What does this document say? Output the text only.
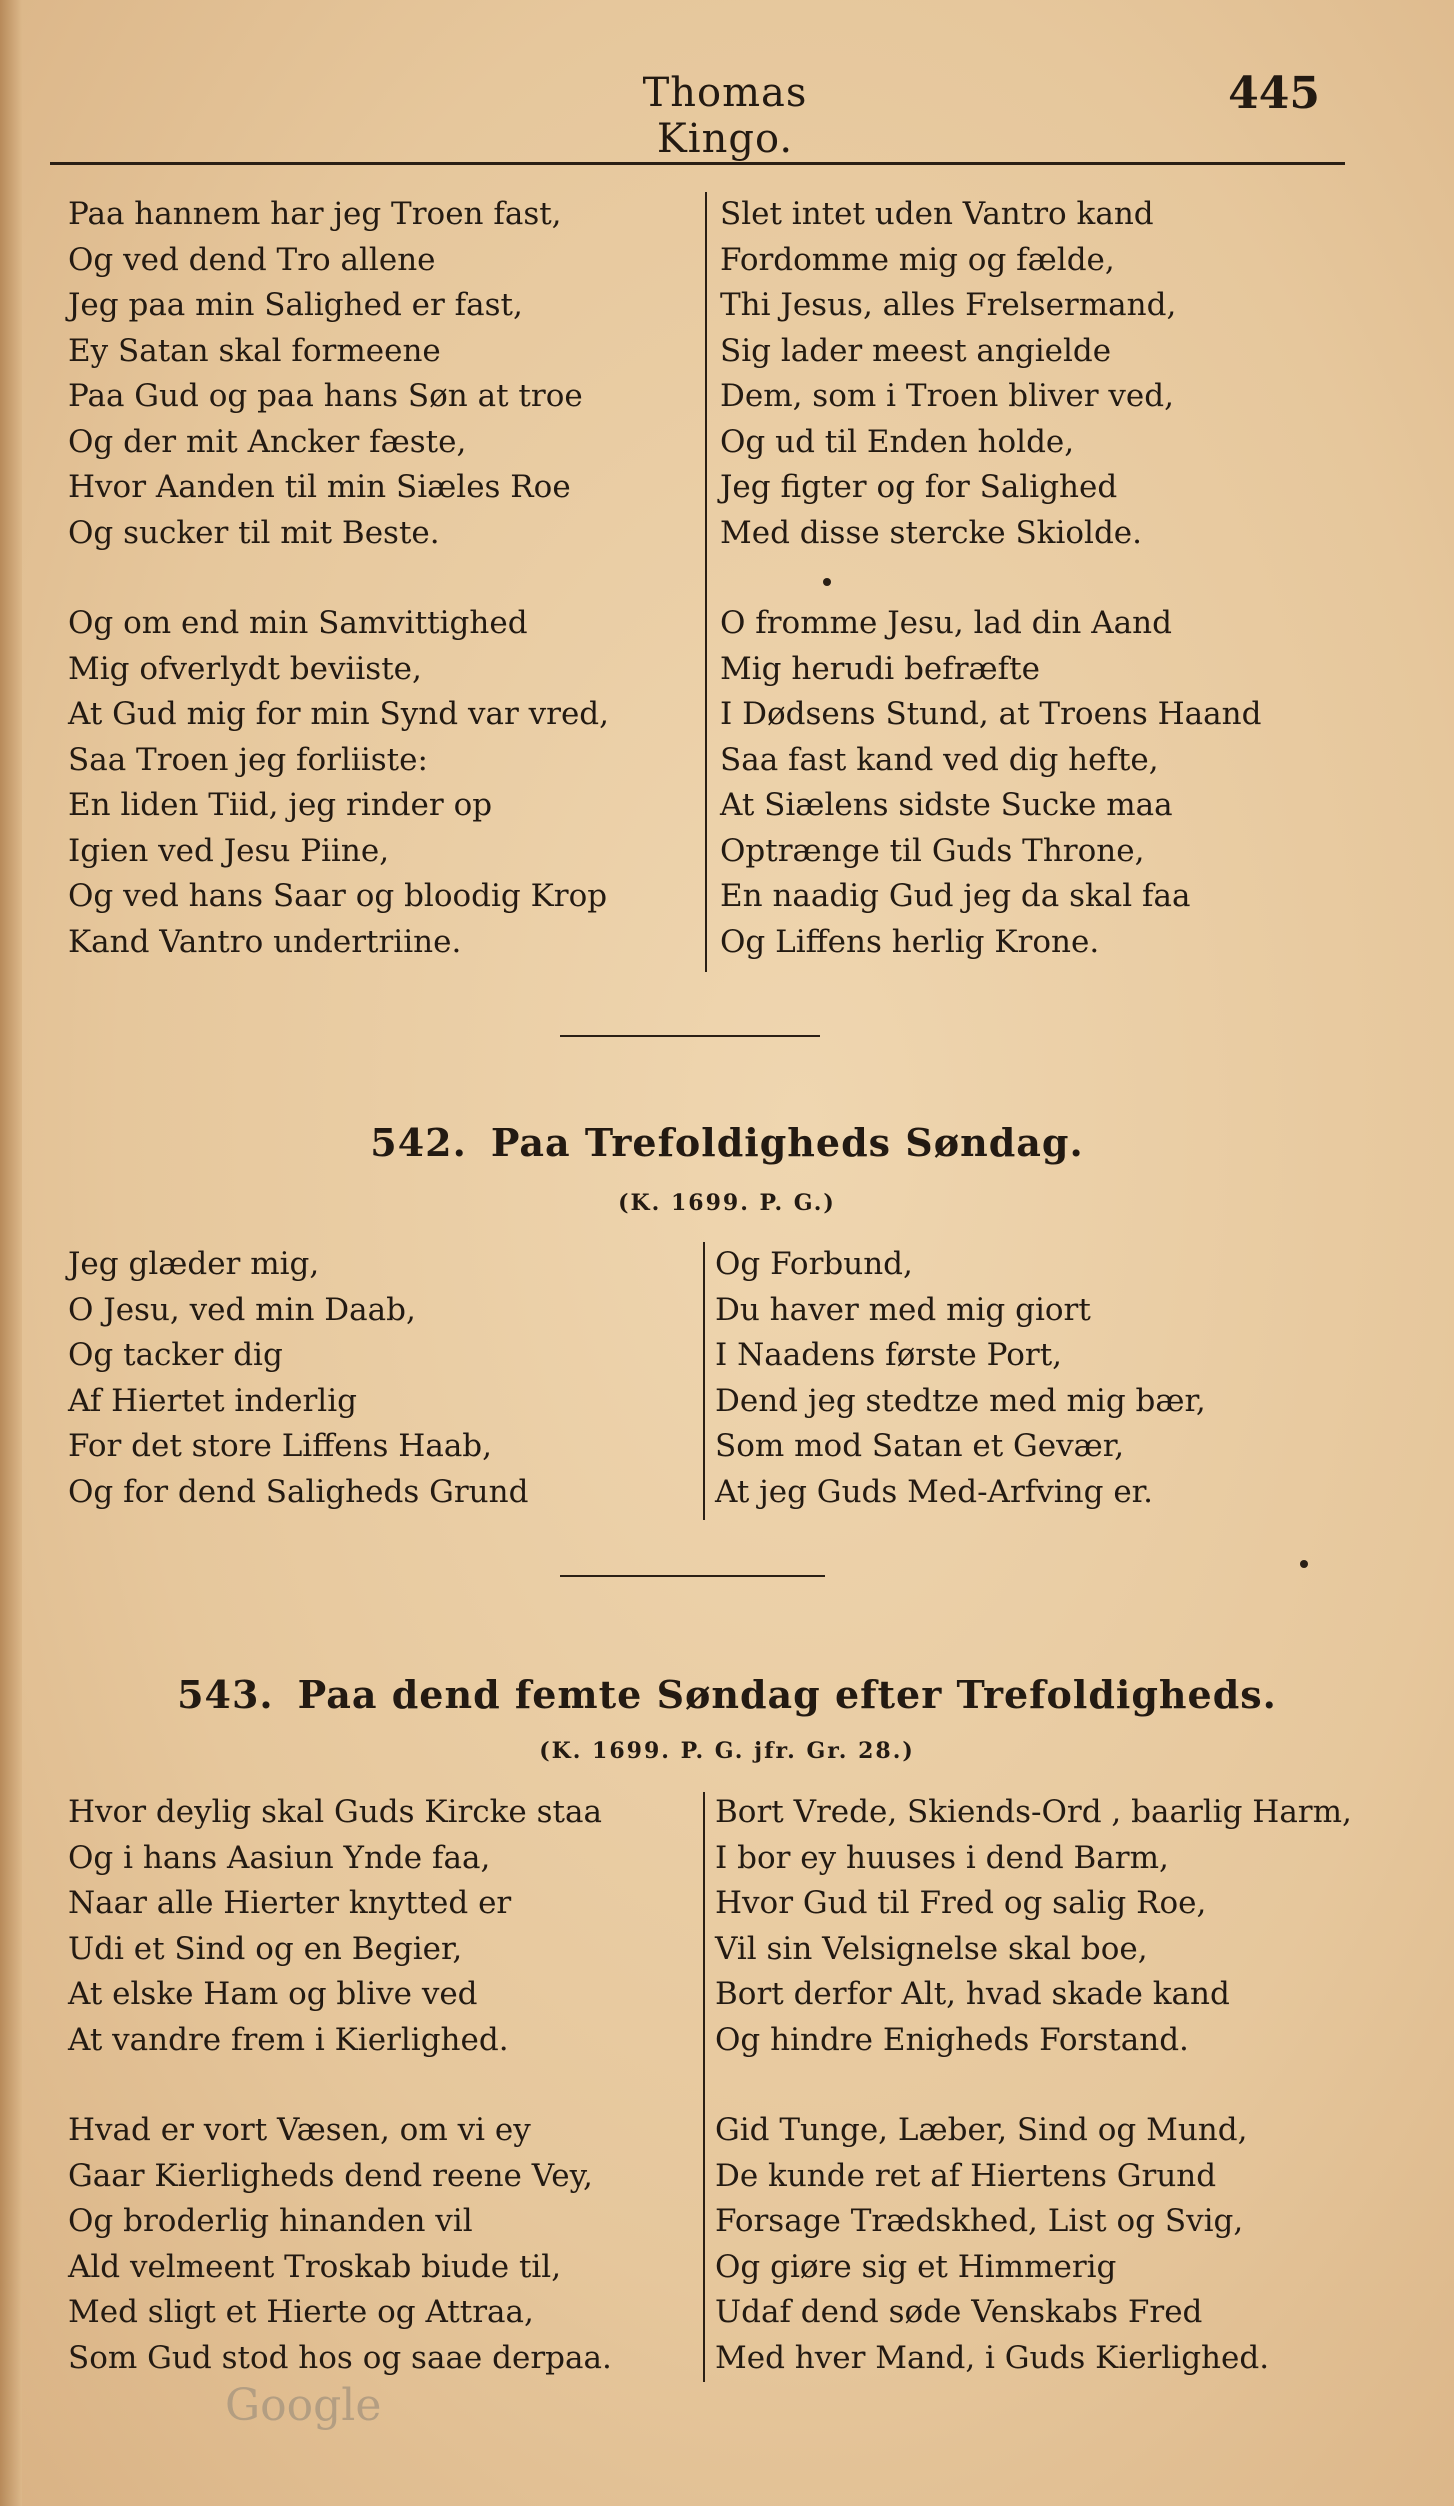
Thomas Kingo.
445
Paa hannem har jeg Troen fast,
Og ved dend Tro allene
Jeg paa min Salighed er fast,
Ey Satan skal formeene
Paa Gud og paa hans Søn at troe
Og der mit Ancker fæste,
Hvor Aanden til min Siæles Roe
Og sucker til mit Beste.
Og om end min Samvittighed
Mig ofverlydt beviiste,
At Gud mig for min Synd var vred,
Saa Troen jeg forliiste:
En liden Tiid, jeg rinder op
Igien ved Jesu Piine,
Og ved hans Saar og bloodig Krop
Kand Vantro undertriine.
Slet intet uden Vantro kand
Fordomme mig og fælde,
Thi Jesus, alles Frelsermand,
Sig lader meest angielde
Dem, som i Troen bliver ved,
Og ud til Enden holde,
Jeg figter og for Salighed
Med disse stercke Skiolde.
O fromme Jesu, lad din Aand
Mig herudi befræfte
I Dødsens Stund, at Troens Haand
Saa fast kand ved dig hefte,
At Siælens sidste Sucke maa
Optrænge til Guds Throne,
En naadig Gud jeg da skal faa
Og Liffens herlig Krone.
542. Paa Trefoldigheds Søndag.
(K. 1699. P. G.)
Jeg glæder mig,
O Jesu, ved min Daab,
Og tacker dig
Af Hiertet inderlig
For det store Liffens Haab,
Og for dend Saligheds Grund
Og Forbund,
Du haver med mig giort
I Naadens første Port,
Dend jeg stedtze med mig bær,
Som mod Satan et Gevær,
At jeg Guds Med-Arfving er.
543. Paa dend femte Søndag efter Trefoldigheds.
(K. 1699. P. G. jfr. Gr. 28.)
Hvor deylig skal Guds Kircke staa
Og i hans Aasiun Ynde faa,
Naar alle Hierter knytted er
Udi et Sind og en Begier,
At elske Ham og blive ved
At vandre frem i Kierlighed.
Hvad er vort Væsen, om vi ey
Gaar Kierligheds dend reene Vey,
Og broderlig hinanden vil
Ald velmeent Troskab biude til,
Med sligt et Hierte og Attraa,
Som Gud stod hos og saae derpaa.
Bort Vrede, Skiends-Ord , baarlig Harm,
I bor ey huuses i dend Barm,
Hvor Gud til Fred og salig Roe,
Vil sin Velsignelse skal boe,
Bort derfor Alt, hvad skade kand
Og hindre Enigheds Forstand.
Gid Tunge, Læber, Sind og Mund,
De kunde ret af Hiertens Grund
Forsage Trædskhed, List og Svig,
Og giøre sig et Himmerig
Udaf dend søde Venskabs Fred
Med hver Mand, i Guds Kierlighed.
Google
